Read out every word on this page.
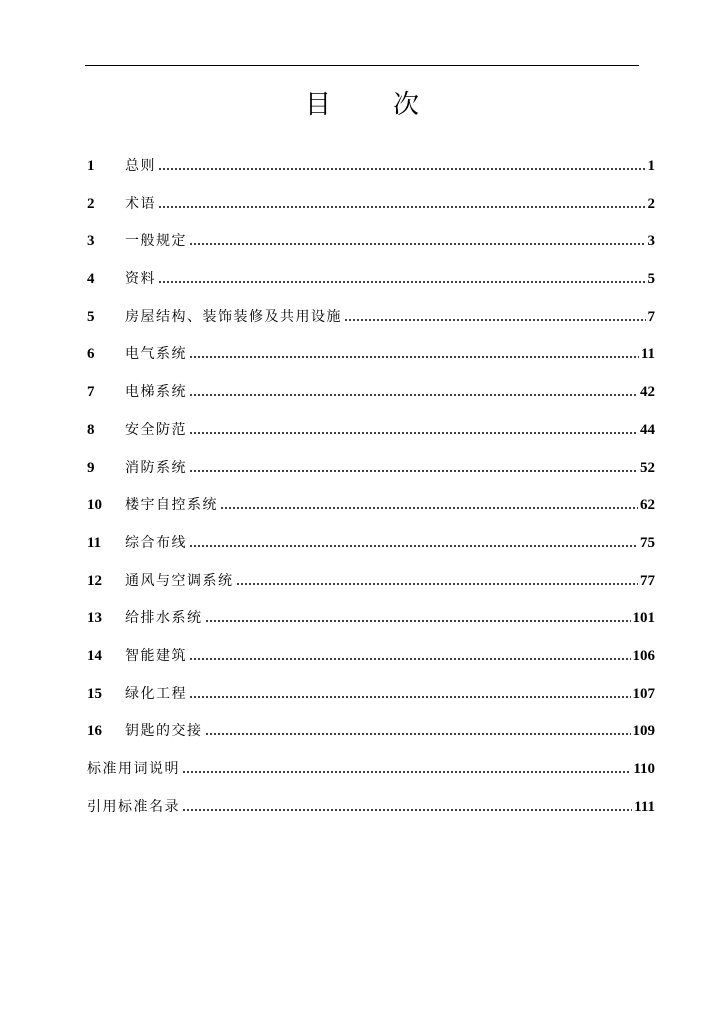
目 次
1	总则	1
2	术语	2
3	一般规定	3
4	资料	5
5	房屋结构、装饰装修及共用设施	7
6	电气系统	11
7	电梯系统	42
8	安全防范	44
9	消防系统	52
10	楼宇自控系统	62
11	综合布线	75
12	通风与空调系统	77
13	给排水系统	101
14	智能建筑	106
15	绿化工程	107
16	钥匙的交接	109
标准用词说明	110
引用标准名录	111
